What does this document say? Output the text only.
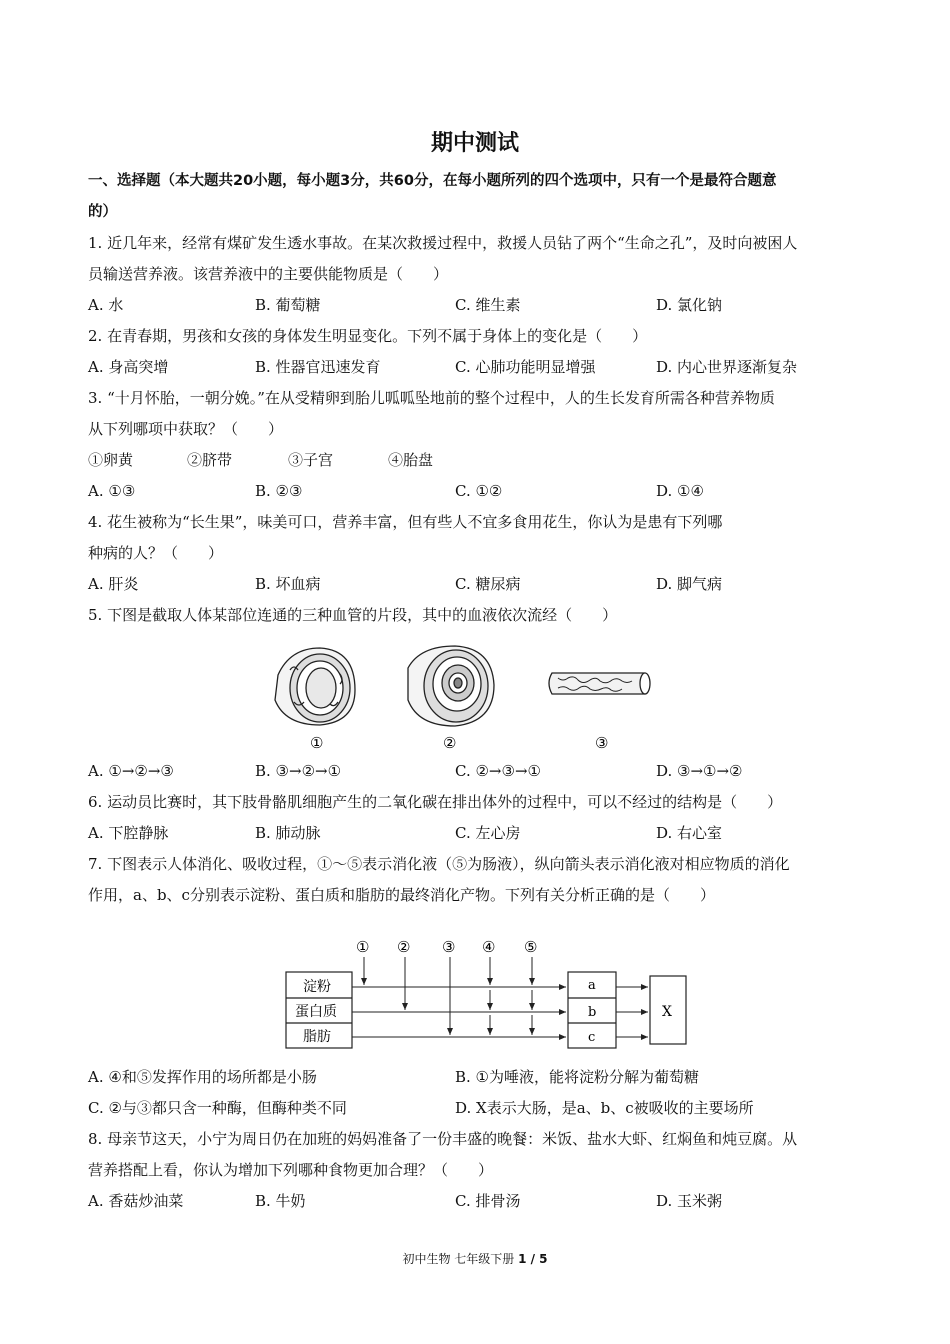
期中测试
一、选择题（本大题共20小题，每小题3分，共60分，在每小题所列的四个选项中，只有一个是最符合题意
的）
1. 近几年来，经常有煤矿发生透水事故。在某次救援过程中，救援人员钻了两个“生命之孔”，及时向被困人
员输送营养液。该营养液中的主要供能物质是（　　）
A. 水	B. 葡萄糖	C. 维生素	D. 氯化钠
2. 在青春期，男孩和女孩的身体发生明显变化。下列不属于身体上的变化是（　　）
A. 身高突增	B. 性器官迅速发育	C. 心肺功能明显增强	D. 内心世界逐渐复杂
3. “十月怀胎，一朝分娩。”在从受精卵到胎儿呱呱坠地前的整个过程中，人的生长发育所需各种营养物质
从下列哪项中获取？（　　）
①卵黄	②脐带	③子宫	④胎盘
A. ①③	B. ②③	C. ①②	D. ①④
4. 花生被称为“长生果”，味美可口，营养丰富，但有些人不宜多食用花生，你认为是患有下列哪
种病的人？（　　）
A. 肝炎	B. 坏血病	C. 糖尿病	D. 脚气病
5. 下图是截取人体某部位连通的三种血管的片段，其中的血液依次流经（　　）
①	②	③
A. ①→②→③	B. ③→②→①	C. ②→③→①	D. ③→①→②
6. 运动员比赛时，其下肢骨骼肌细胞产生的二氧化碳在排出体外的过程中，可以不经过的结构是（　　）
A. 下腔静脉	B. 肺动脉	C. 左心房	D. 右心室
7. 下图表示人体消化、吸收过程，①～⑤表示消化液（⑤为肠液），纵向箭头表示消化液对相应物质的消化
作用，a、b、c分别表示淀粉、蛋白质和脂肪的最终消化产物。下列有关分析正确的是（　　）
① ② ③ ④ ⑤
淀粉
蛋白质
脂肪
a
b
c
X
A. ④和⑤发挥作用的场所都是小肠	B. ①为唾液，能将淀粉分解为葡萄糖
C. ②与③都只含一种酶，但酶种类不同	D. X表示大肠，是a、b、c被吸收的主要场所
8. 母亲节这天，小宁为周日仍在加班的妈妈准备了一份丰盛的晚餐：米饭、盐水大虾、红焖鱼和炖豆腐。从
营养搭配上看，你认为增加下列哪种食物更加合理？（　　）
A. 香菇炒油菜	B. 牛奶	C. 排骨汤	D. 玉米粥
初中生物 七年级下册 1 / 5
